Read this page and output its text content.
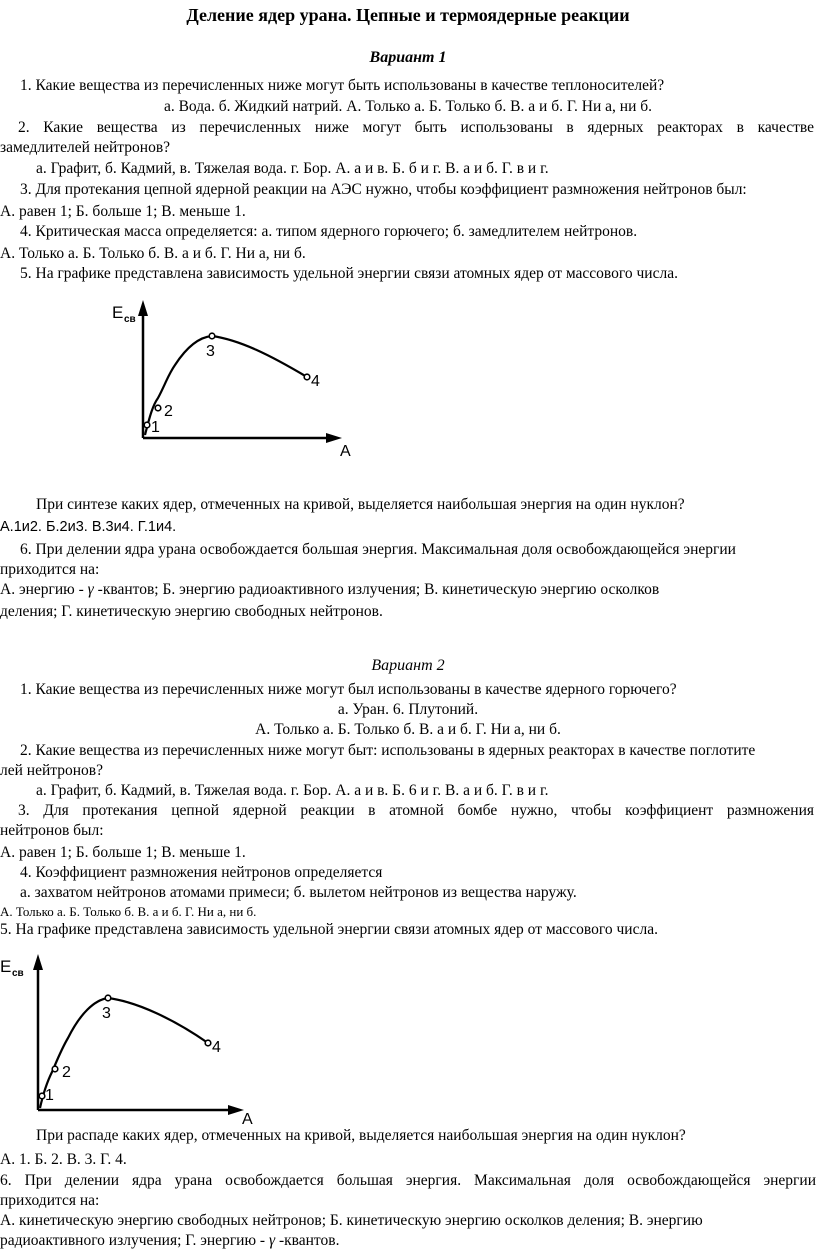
Деление ядер урана. Цепные и термоядерные реакции
Вариант 1
1. Какие вещества из перечисленных ниже могут быть использованы в качестве теплоносителей?
а. Вода. б. Жидкий натрий. А. Только а. Б. Только б. В. а и б. Г. Ни а, ни б.
2. Какие вещества из перечисленных ниже могут быть использованы в ядерных реакторах в качестве
замедлителей нейтронов?
а. Графит, б. Кадмий, в. Тяжелая вода. г. Бор. А. а и в. Б. б и г. В. а и б. Г. в и г.
3. Для протекания цепной ядерной реакции на АЭС нужно, чтобы коэффициент размножения нейтронов был:
А. равен 1; Б. больше 1; В. меньше 1.
4. Критическая масса определяется: а. типом ядерного горючего; б. замедлителем нейтронов.
А. Только а. Б. Только б. В. а и б. Г. Ни а, ни б.
5. На графике представлена зависимость удельной энергии связи атомных ядер от массового числа.
E св
A
1
2
3
4
При синтезе каких ядер, отмеченных на кривой, выделяется наибольшая энергия на один нуклон?
А.1и2. Б.2и3. В.3и4. Г.1и4.
6. При делении ядра урана освобождается большая энергия. Максимальная доля освобождающейся энергии
приходится на:
А. энергию - γ -квантов; Б. энергию радиоактивного излучения; В. кинетическую энергию осколков
деления; Г. кинетическую энергию свободных нейтронов.
Вариант 2
1. Какие вещества из перечисленных ниже могут был использованы в качестве ядерного горючего?
а. Уран. 6. Плутоний.
А. Только а. Б. Только б. В. а и б. Г. Ни а, ни б.
2. Какие вещества из перечисленных ниже могут быт: использованы в ядерных реакторах в качестве поглотите
лей нейтронов?
а. Графит, б. Кадмий, в. Тяжелая вода. г. Бор. А. а и в. Б. 6 и г. В. а и б. Г. в и г.
3. Для протекания цепной ядерной реакции в атомной бомбе нужно, чтобы коэффициент размножения
нейтронов был:
А. равен 1; Б. больше 1; В. меньше 1.
4. Коэффициент размножения нейтронов определяется
а. захватом нейтронов атомами примеси; б. вылетом нейтронов из вещества наружу.
А. Только а. Б. Только б. В. а и б. Г. Ни а, ни б.
5. На графике представлена зависимость удельной энергии связи атомных ядер от массового числа.
E св
A
1
2
3
4
При распаде каких ядер, отмеченных на кривой, выделяется наибольшая энергия на один нуклон?
А. 1. Б. 2. В. 3. Г. 4.
6. При делении ядра урана освобождается большая энергия. Максимальная доля освобождающейся энергии
приходится на:
А. кинетическую энергию свободных нейтронов; Б. кинетическую энергию осколков деления; В. энергию
радиоактивного излучения; Г. энергию - γ -квантов.
